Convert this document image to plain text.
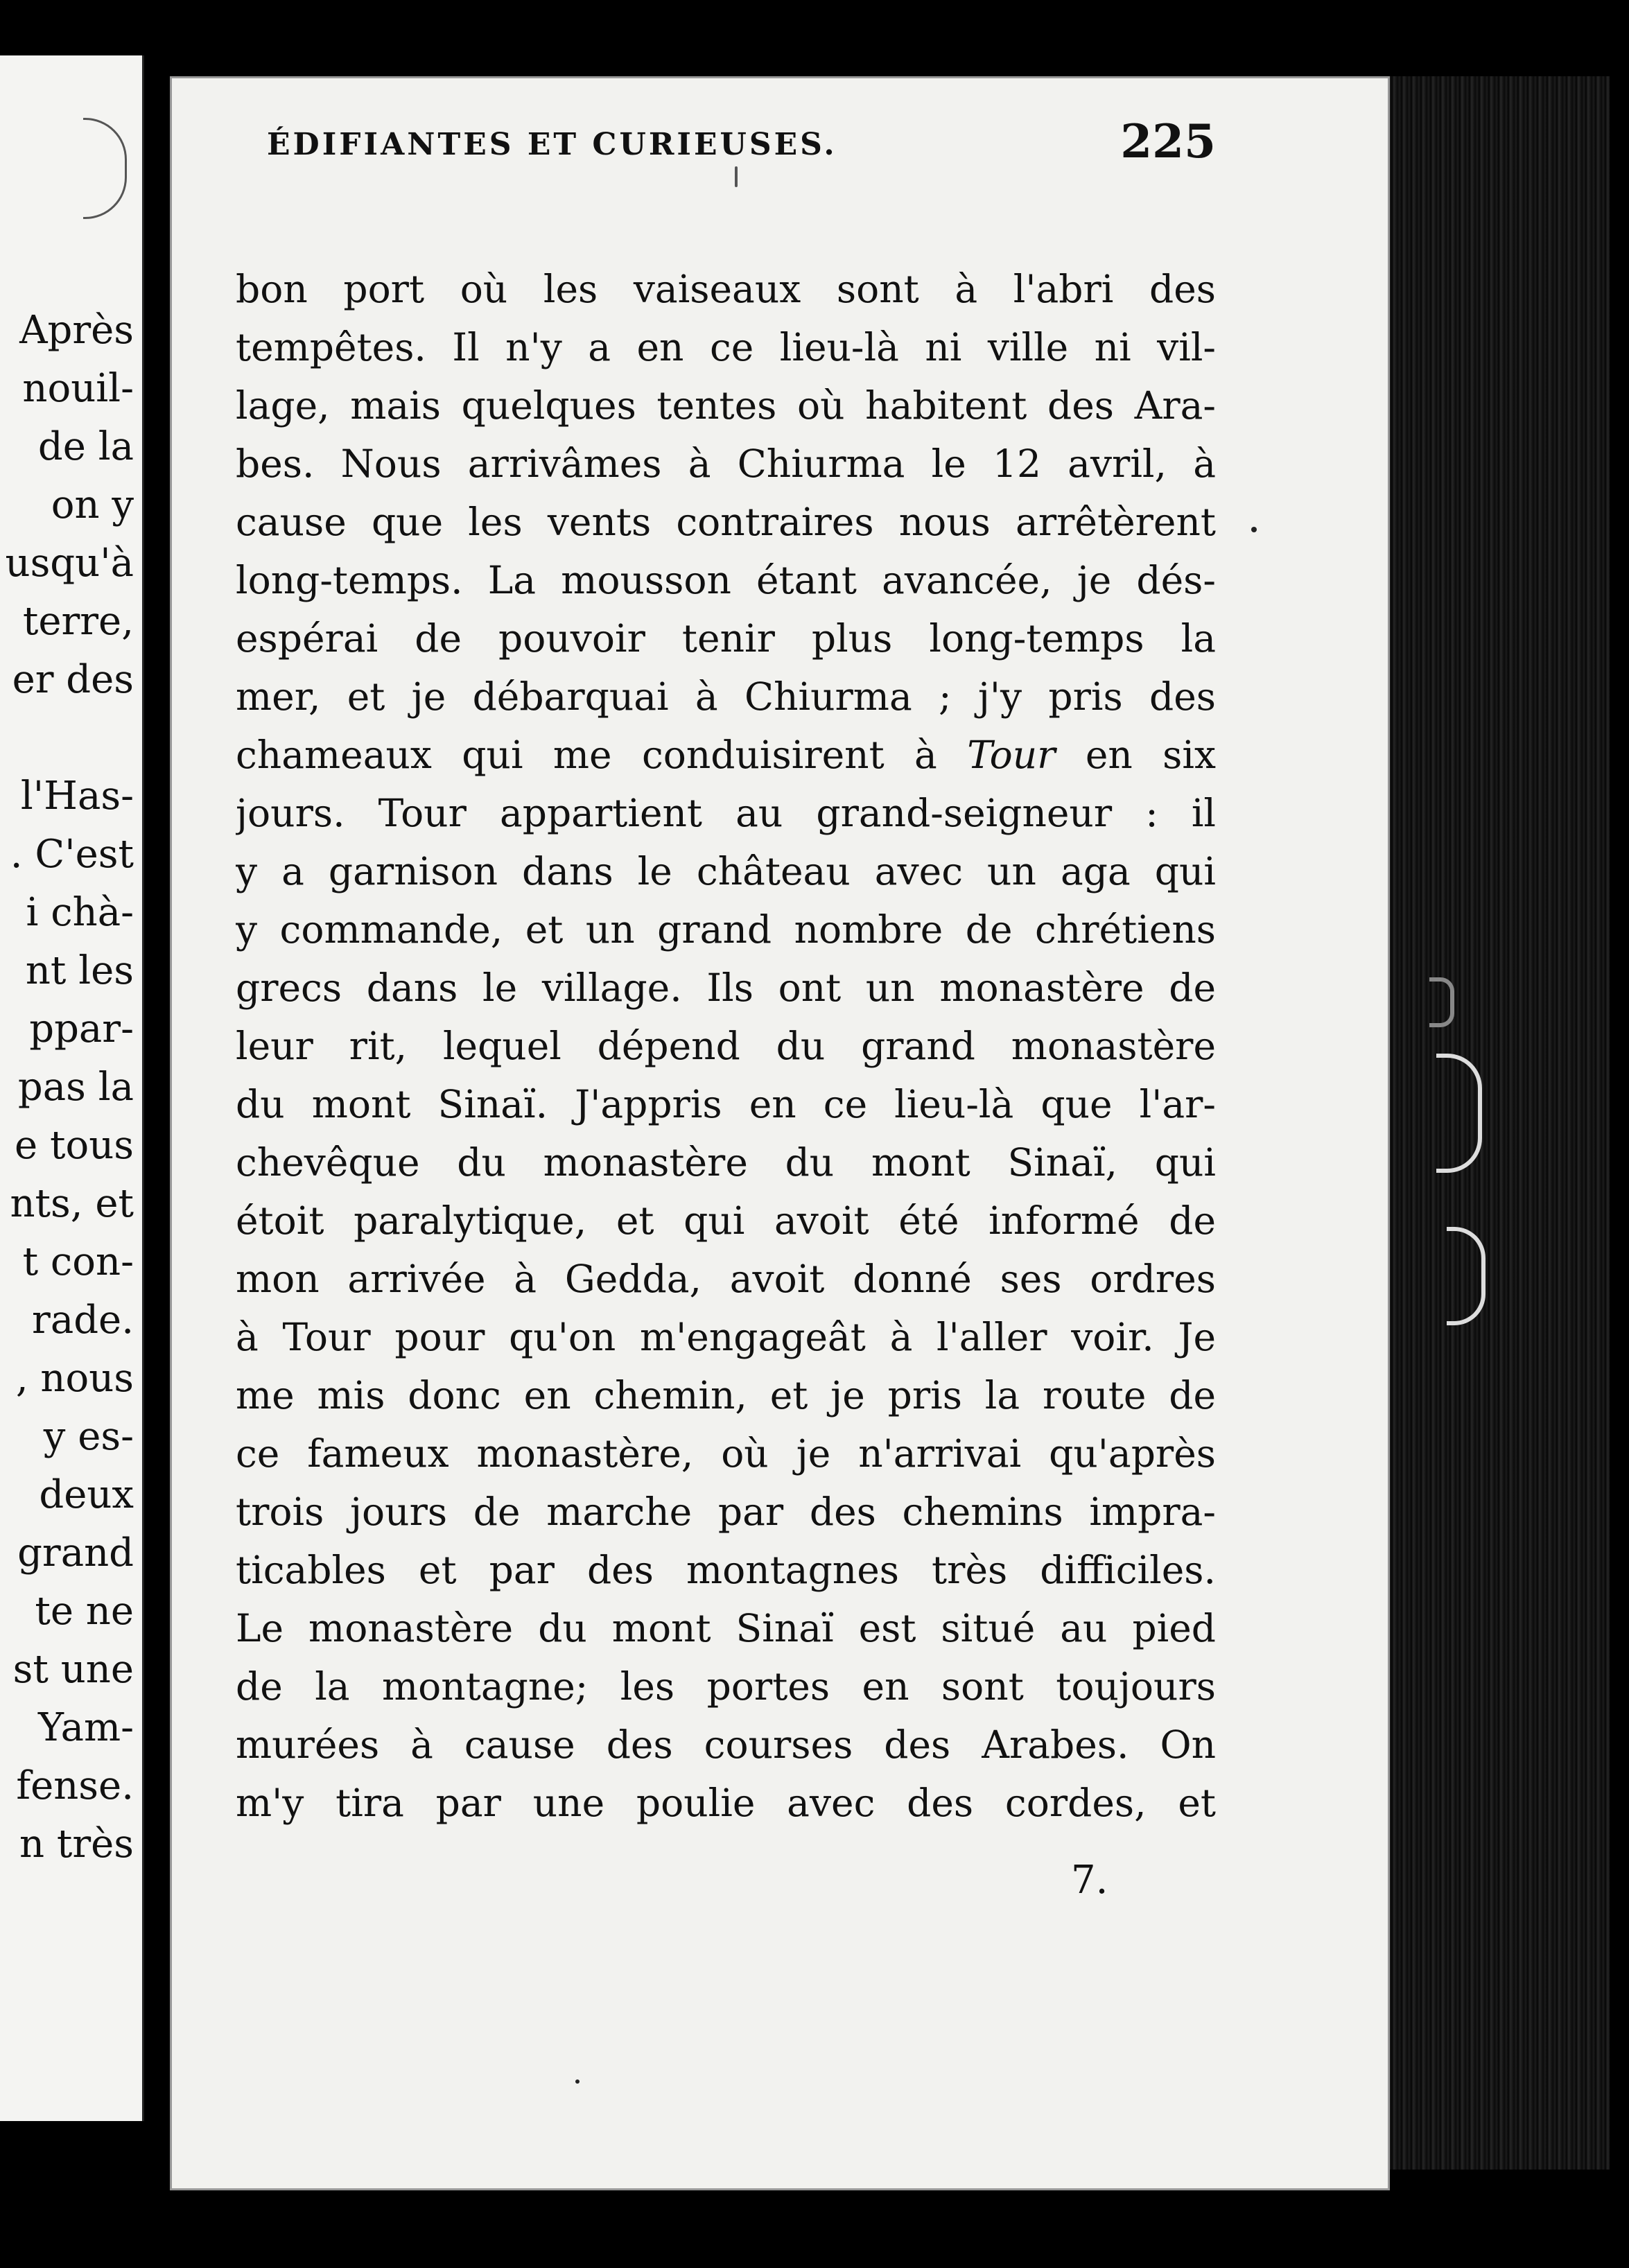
Après
nouil-
de la
on y
usqu'à
terre,
er des
l'Has-
. C'est
i chà-
nt les
ppar-
pas la
e tous
nts, et
t con-
rade.
, nous
y es-
deux
grand
te ne
st une
Yam-
fense.
n très
ÉDIFIANTES ET CURIEUSES.	225
bon port où les vaiseaux sont à l'abri des
tempêtes. Il n'y a en ce lieu-là ni ville ni vil-
lage, mais quelques tentes où habitent des Ara-
bes. Nous arrivâmes à Chiurma le 12 avril, à
cause que les vents contraires nous arrêtèrent
long-temps. La mousson étant avancée, je dés-
espérai de pouvoir tenir plus long-temps la
mer, et je débarquai à Chiurma ; j'y pris des
chameaux qui me conduisirent à Tour en six
jours. Tour appartient au grand-seigneur : il
y a garnison dans le château avec un aga qui
y commande, et un grand nombre de chrétiens
grecs dans le village. Ils ont un monastère de
leur rit, lequel dépend du grand monastère
du mont Sinaï. J'appris en ce lieu-là que l'ar-
chevêque du monastère du mont Sinaï, qui
étoit paralytique, et qui avoit été informé de
mon arrivée à Gedda, avoit donné ses ordres
à Tour pour qu'on m'engageât à l'aller voir. Je
me mis donc en chemin, et je pris la route de
ce fameux monastère, où je n'arrivai qu'après
trois jours de marche par des chemins impra-
ticables et par des montagnes très difficiles.
Le monastère du mont Sinaï est situé au pied
de la montagne; les portes en sont toujours
murées à cause des courses des Arabes. On
m'y tira par une poulie avec des cordes, et
7.
